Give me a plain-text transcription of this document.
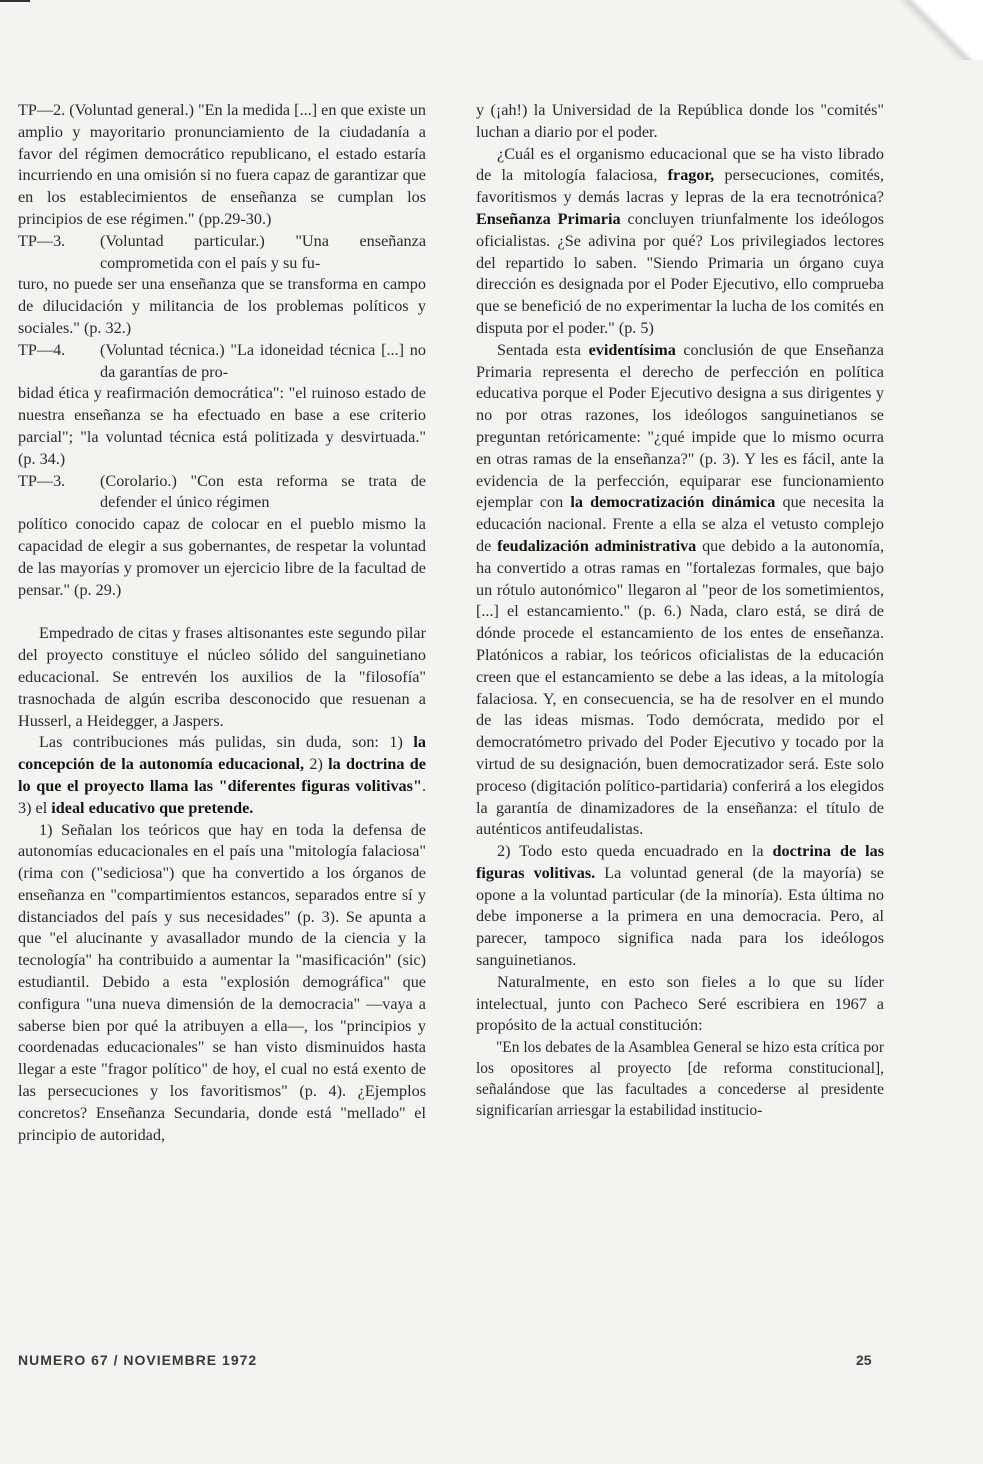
TP—2. (Voluntad general.) "En la medida [...] en que existe un amplio y mayoritario pronunciamiento de la ciudadanía a favor del régimen democrático republicano, el estado estaría incurriendo en una omisión si no fuera capaz de garantizar que en los establecimientos de enseñanza se cumplan los principios de ese régimen." (pp.29-30.)

TP—3.	(Voluntad particular.) "Una enseñanza comprometida con el país y su fu-

turo, no puede ser una enseñanza que se transforma en campo de dilucidación y militancia de los problemas políticos y sociales." (p. 32.)

TP—4.	(Voluntad técnica.) "La idoneidad técnica [...] no da garantías de pro-

bidad ética y reafirmación democrática": "el ruinoso estado de nuestra enseñanza se ha efectuado en base a ese criterio parcial"; "la voluntad técnica está politizada y desvirtuada." (p. 34.)

TP—3.	(Corolario.) "Con esta reforma se trata de defender el único régimen

político conocido capaz de colocar en el pueblo mismo la capacidad de elegir a sus gobernantes, de respetar la voluntad de las mayorías y promover un ejercicio libre de la facultad de pensar." (p. 29.)

Empedrado de citas y frases altisonantes este segundo pilar del proyecto constituye el núcleo sólido del sanguinetiano educacional. Se entrevén los auxilios de la "filosofía" trasnochada de algún escriba desconocido que resuenan a Husserl, a Heidegger, a Jaspers.

Las contribuciones más pulidas, sin duda, son: 1) la concepción de la autonomía educacional, 2) la doctrina de lo que el proyecto llama las "diferentes figuras volitivas". 3) el ideal educativo que pretende.

1) Señalan los teóricos que hay en toda la defensa de autonomías educacionales en el país una "mitología falaciosa" (rima con ("sediciosa") que ha convertido a los órganos de enseñanza en "compartimientos estancos, separados entre sí y distanciados del país y sus necesidades" (p. 3). Se apunta a que "el alucinante y avasallador mundo de la ciencia y la tecnología" ha contribuido a aumentar la "masificación" (sic) estudiantil. Debido a esta "explosión demográfica" que configura "una nueva dimensión de la democracia" —vaya a saberse bien por qué la atribuyen a ella—, los "principios y coordenadas educacionales" se han visto disminuidos hasta llegar a este "fragor político" de hoy, el cual no está exento de las persecuciones y los favoritismos" (p. 4). ¿Ejemplos concretos? Enseñanza Secundaria, donde está "mellado" el principio de autoridad,

y (¡ah!) la Universidad de la República donde los "comités" luchan a diario por el poder.

¿Cuál es el organismo educacional que se ha visto librado de la mitología falaciosa, fragor, persecuciones, comités, favoritismos y demás lacras y lepras de la era tecnotrónica? Enseñanza Primaria concluyen triunfalmente los ideólogos oficialistas. ¿Se adivina por qué? Los privilegiados lectores del repartido lo saben. "Siendo Primaria un órgano cuya dirección es designada por el Poder Ejecutivo, ello comprueba que se benefició de no experimentar la lucha de los comités en disputa por el poder." (p. 5)

Sentada esta evidentísima conclusión de que Enseñanza Primaria representa el derecho de perfección en política educativa porque el Poder Ejecutivo designa a sus dirigentes y no por otras razones, los ideólogos sanguinetianos se preguntan retóricamente: "¿qué impide que lo mismo ocurra en otras ramas de la enseñanza?" (p. 3). Y les es fácil, ante la evidencia de la perfección, equiparar ese funcionamiento ejemplar con la democratización dinámica que necesita la educación nacional. Frente a ella se alza el vetusto complejo de feudalización administrativa que debido a la autonomía, ha convertido a otras ramas en "fortalezas formales, que bajo un rótulo autonómico" llegaron al "peor de los sometimientos, [...] el estancamiento." (p. 6.) Nada, claro está, se dirá de dónde procede el estancamiento de los entes de enseñanza. Platónicos a rabiar, los teóricos oficialistas de la educación creen que el estancamiento se debe a las ideas, a la mitología falaciosa. Y, en consecuencia, se ha de resolver en el mundo de las ideas mismas. Todo demócrata, medido por el democratómetro privado del Poder Ejecutivo y tocado por la virtud de su designación, buen democratizador será. Este solo proceso (digitación político-partidaria) conferirá a los elegidos la garantía de dinamizadores de la enseñanza: el título de auténticos antifeudalistas.

2) Todo esto queda encuadrado en la doctrina de las figuras volitivas. La voluntad general (de la mayoría) se opone a la voluntad particular (de la minoría). Esta última no debe imponerse a la primera en una democracia. Pero, al parecer, tampoco significa nada para los ideólogos sanguinetianos.

Naturalmente, en esto son fieles a lo que su líder intelectual, junto con Pacheco Seré escribiera en 1967 a propósito de la actual constitución:

"En los debates de la Asamblea General se hizo esta crítica por los opositores al proyecto [de reforma constitucional], señalándose que las facultades a concederse al presidente significarían arriesgar la estabilidad institucio-

NUMERO 67 / NOVIEMBRE 1972	25
